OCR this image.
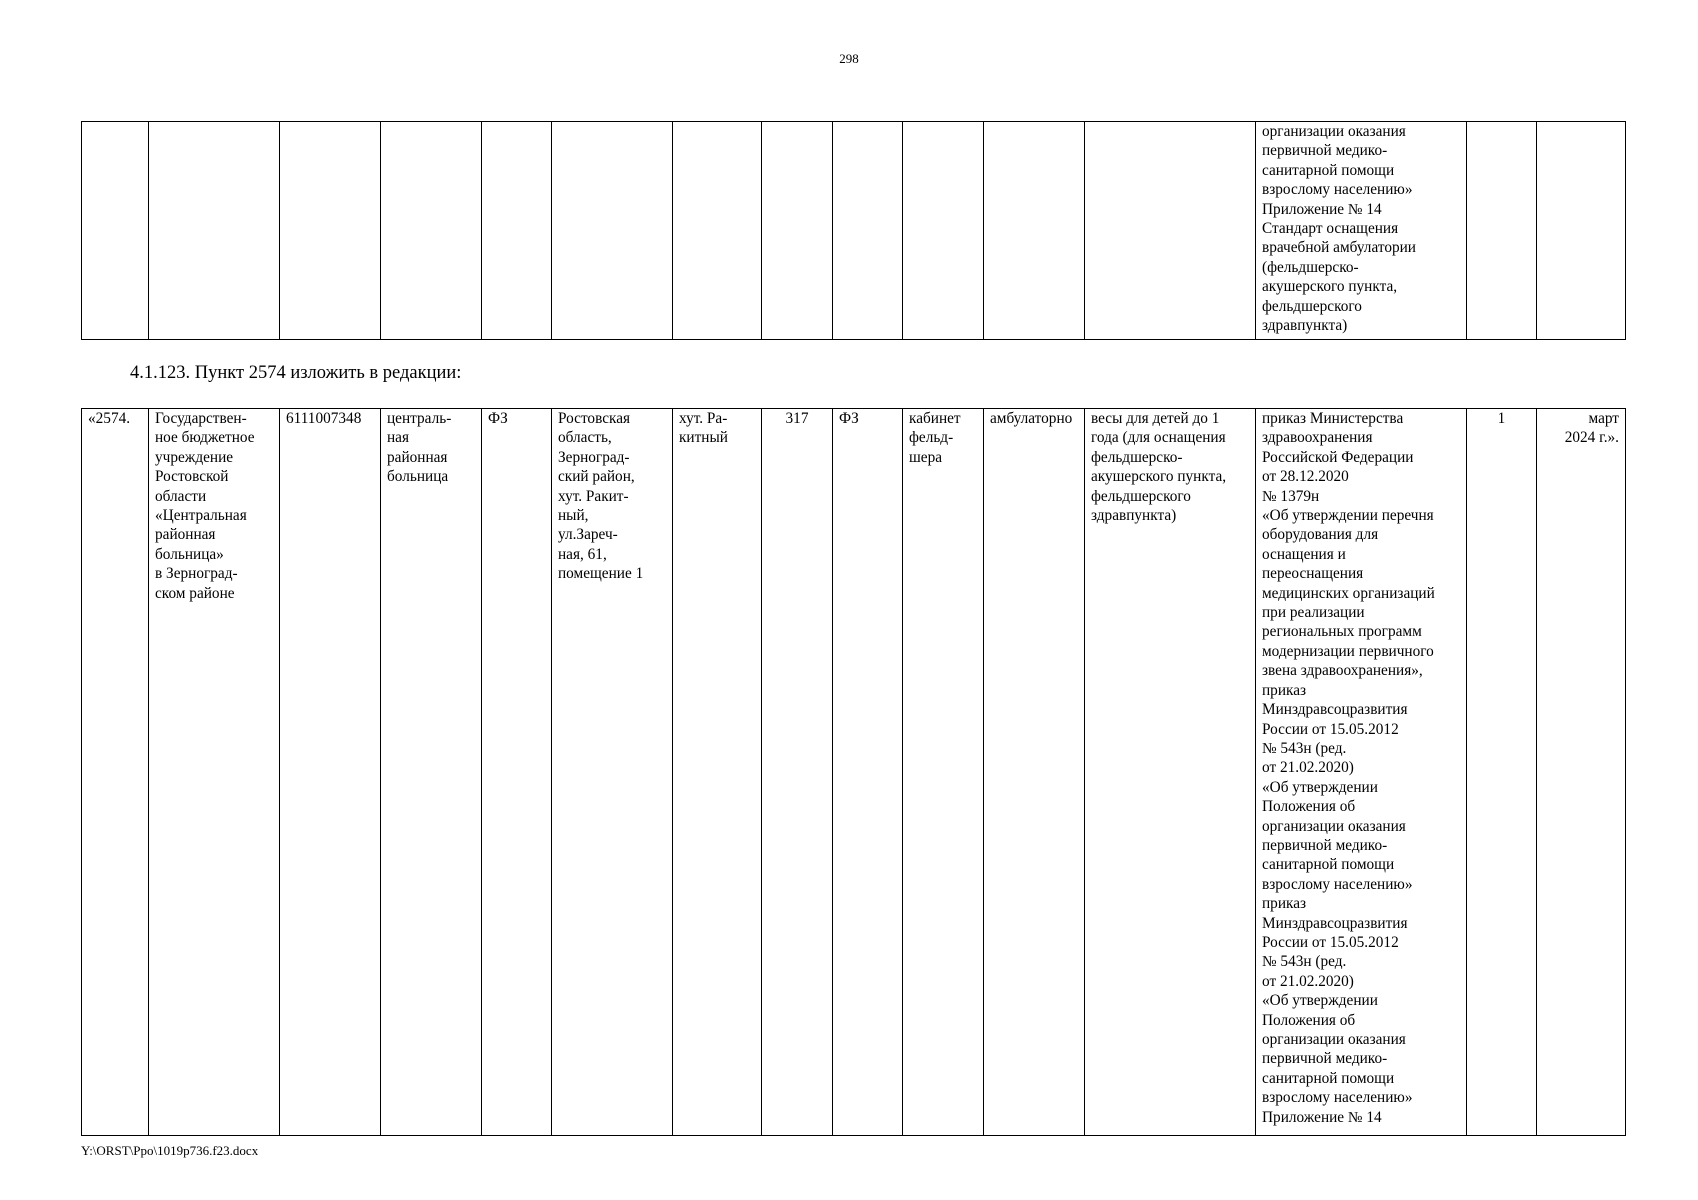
298
												организации оказания
первичной медико-
санитарной помощи
взрослому населению»
Приложение № 14
Стандарт оснащения
врачебной амбулатории
(фельдшерско-
акушерского пункта,
фельдшерского
здравпункта)		
4.1.123. Пункт 2574 изложить в редакции:
«2574.	Государствен-
ное бюджетное
учреждение
Ростовской
области
«Центральная
районная
больница»
в Зерноград-
ском районе	6111007348	централь-
ная
районная
больница	ФЗ	Ростовская
область,
Зерноград-
ский район,
хут. Ракит-
ный,
ул.Зареч-
ная, 61,
помещение 1	хут. Ра-
китный	317	ФЗ	кабинет
фельд-
шера	амбулаторно	весы для детей до 1
года (для оснащения
фельдшерско-
акушерского пункта,
фельдшерского
здравпункта)	приказ Министерства
здравоохранения
Российской Федерации
от 28.12.2020
№ 1379н
«Об утверждении перечня
оборудования для
оснащения и
переоснащения
медицинских организаций
при реализации
региональных программ
модернизации первичного
звена здравоохранения»,
приказ
Минздравсоцразвития
России от 15.05.2012
№ 543н (ред.
от 21.02.2020)
«Об утверждении
Положения об
организации оказания
первичной медико-
санитарной помощи
взрослому населению»
приказ
Минздравсоцразвития
России от 15.05.2012
№ 543н (ред.
от 21.02.2020)
«Об утверждении
Положения об
организации оказания
первичной медико-
санитарной помощи
взрослому населению»
Приложение № 14	1	март
2024 г.».
Y:\ORST\Ppo\1019p736.f23.docx
